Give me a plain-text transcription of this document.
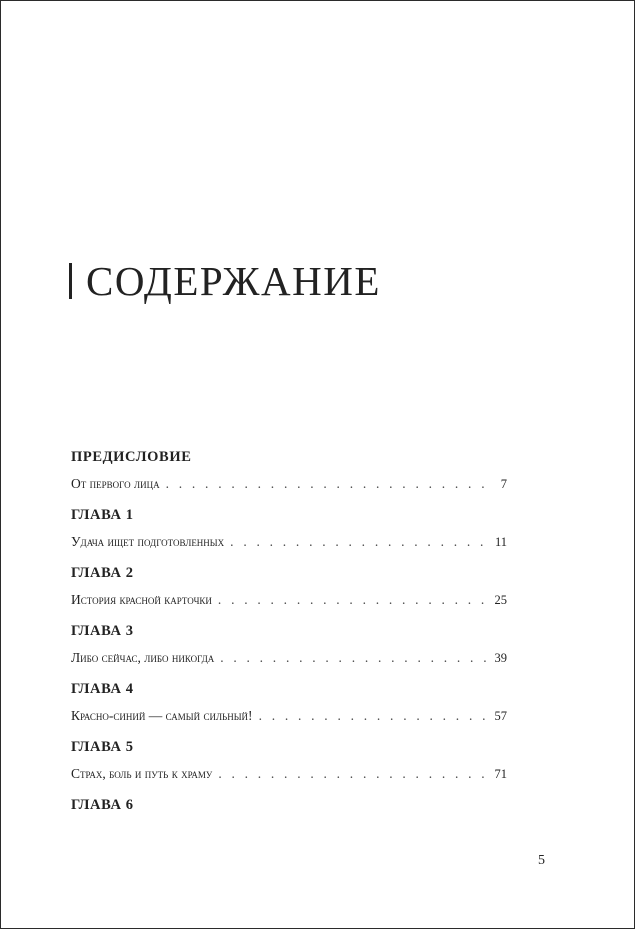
СОДЕРЖАНИЕ
ПРЕДИСЛОВИЕ
От первого лица . . .	7
ГЛАВА 1
Удача ищет подготовленных . . .	11
ГЛАВА 2
История красной карточки . . .	25
ГЛАВА 3
Либо сейчас, либо никогда . . .	39
ГЛАВА 4
Красно-синий — самый сильный! . . .	57
ГЛАВА 5
Страх, боль и путь к храму . . .	71
ГЛАВА 6
5
